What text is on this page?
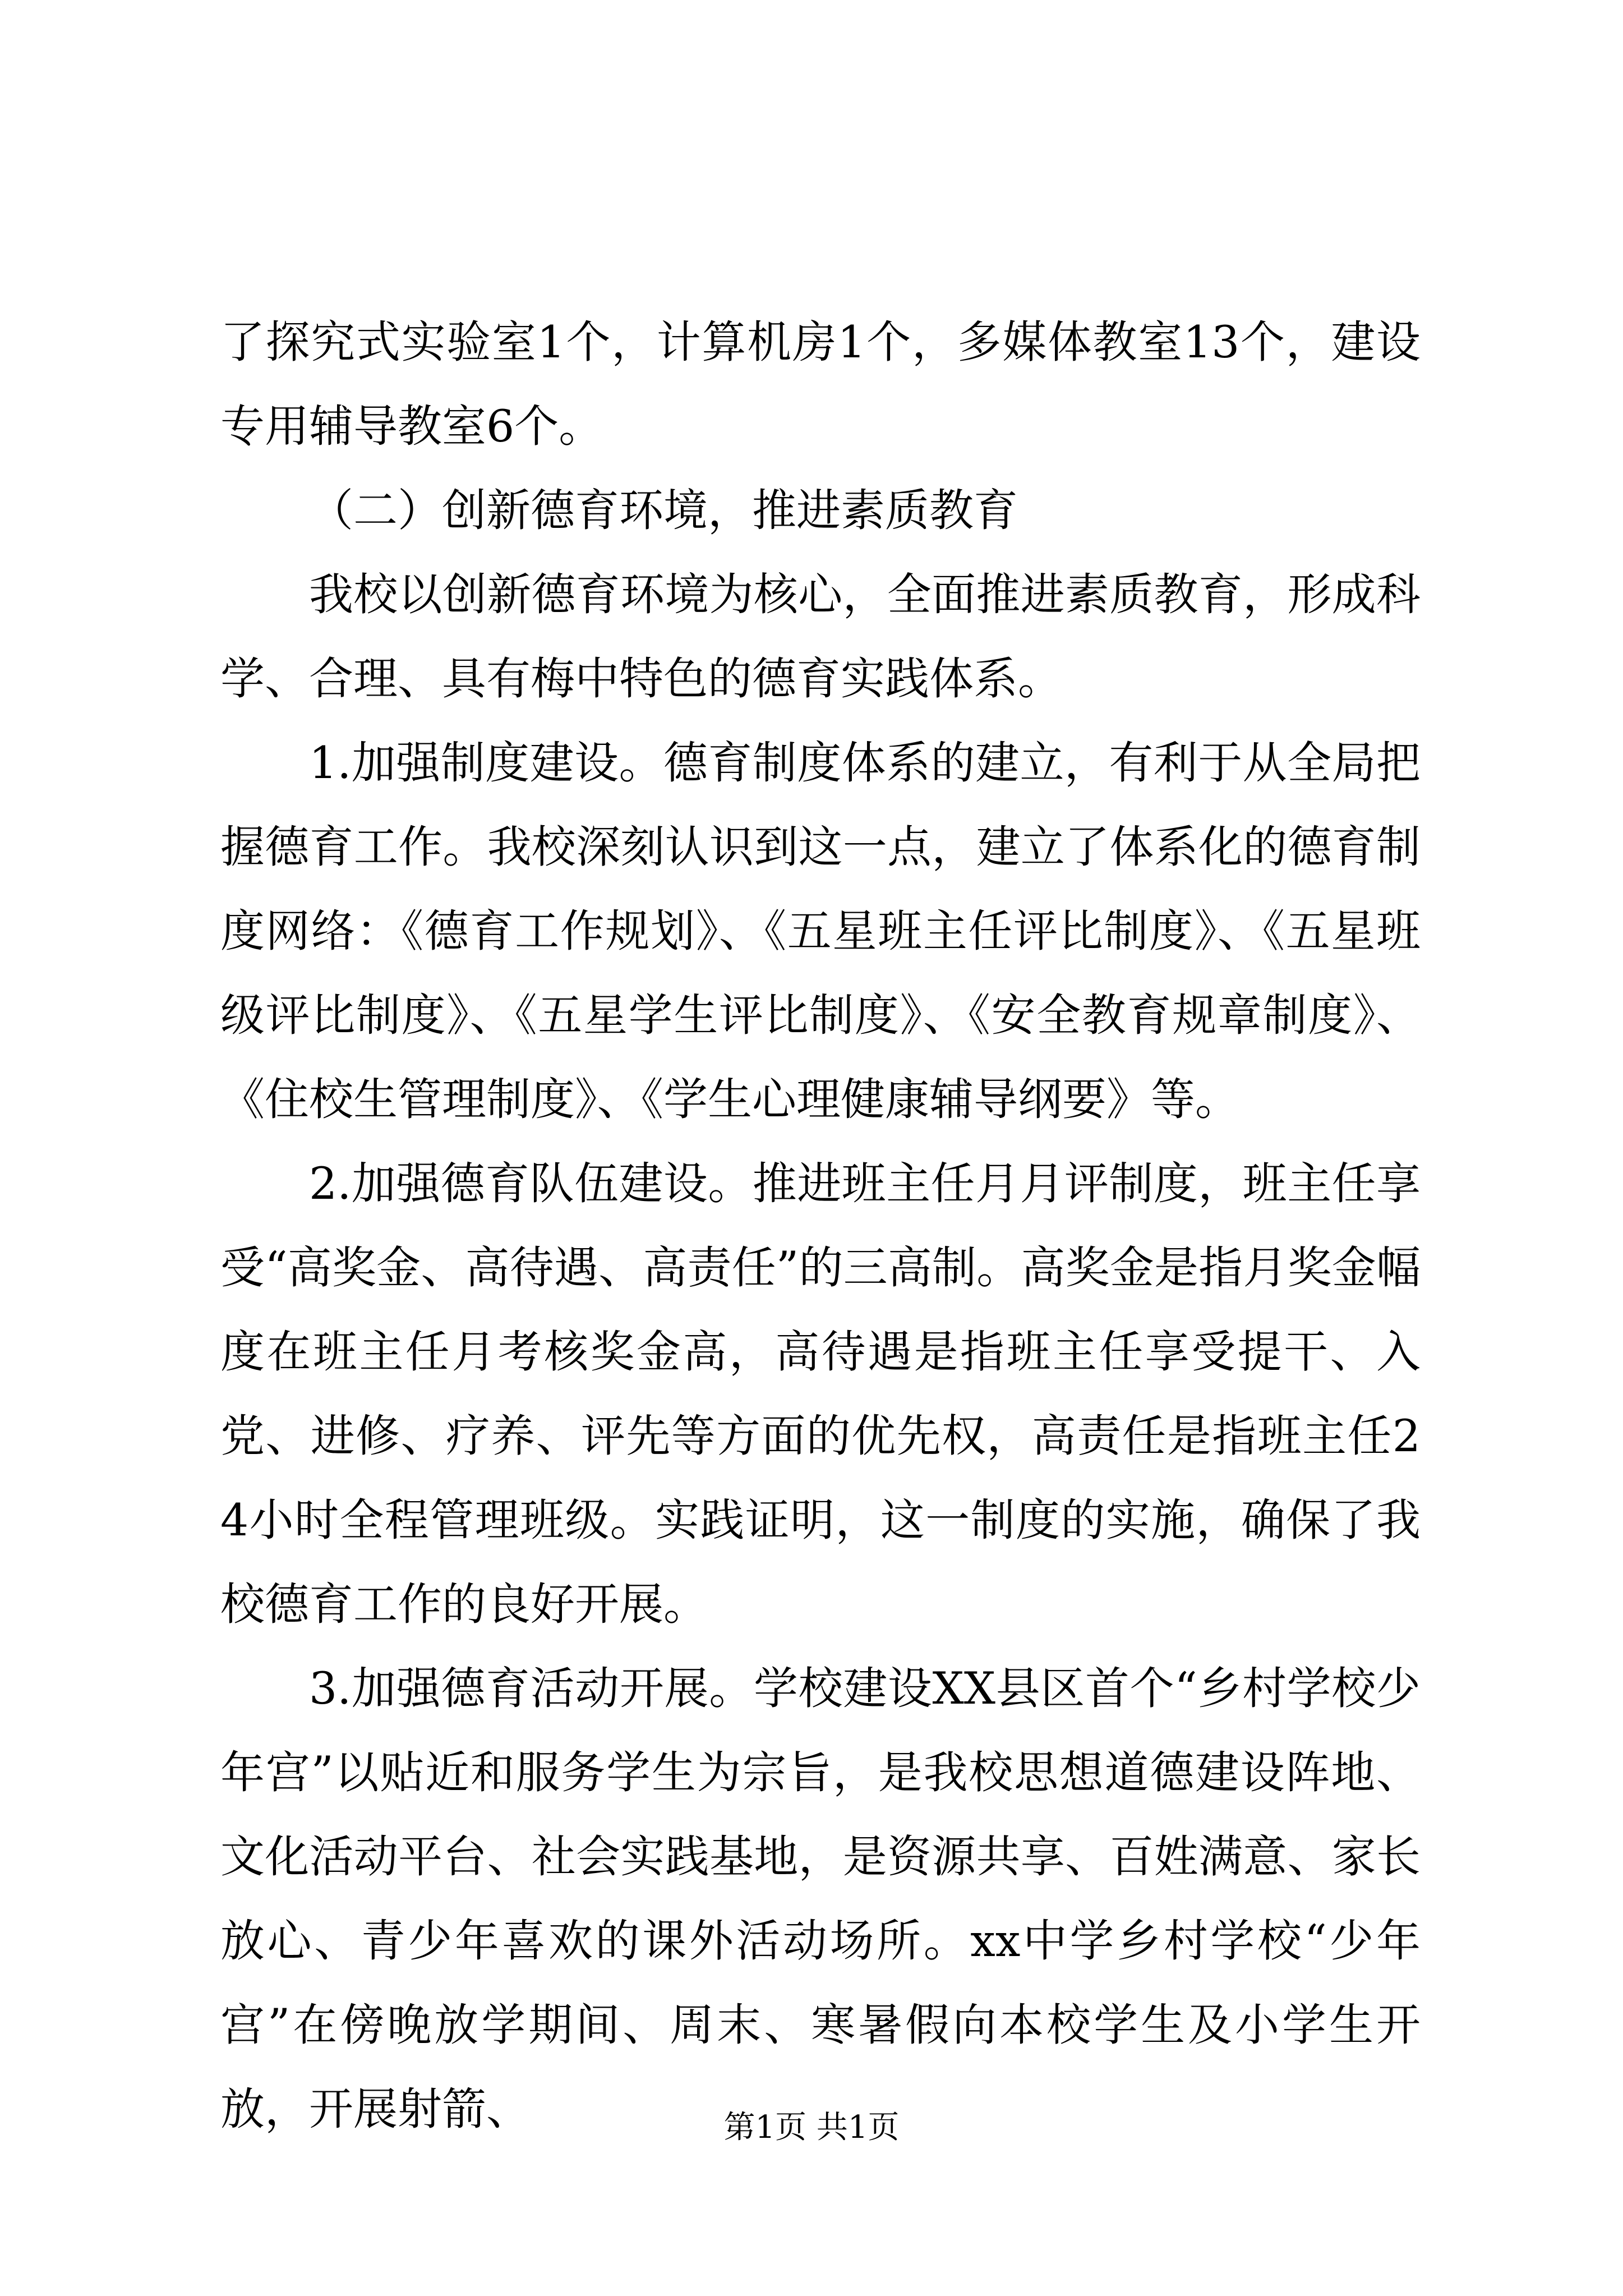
了探究式实验室1个，计算机房1个，多媒体教室13个，建设专用辅导教室6个。

（二）创新德育环境，推进素质教育

我校以创新德育环境为核心，全面推进素质教育，形成科学、合理、具有梅中特色的德育实践体系。

1.加强制度建设。德育制度体系的建立，有利于从全局把握德育工作。我校深刻认识到这一点，建立了体系化的德育制度网络：《德育工作规划》、《五星班主任评比制度》、《五星班级评比制度》、《五星学生评比制度》、《安全教育规章制度》、《住校生管理制度》、《学生心理健康辅导纲要》等。

2.加强德育队伍建设。推进班主任月月评制度，班主任享受“高奖金、高待遇、高责任”的三高制。高奖金是指月奖金幅度在班主任月考核奖金高，高待遇是指班主任享受提干、入党、进修、疗养、评先等方面的优先权，高责任是指班主任24小时全程管理班级。实践证明，这一制度的实施，确保了我校德育工作的良好开展。

3.加强德育活动开展。学校建设XX县区首个“乡村学校少年宫”以贴近和服务学生为宗旨，是我校思想道德建设阵地、文化活动平台、社会实践基地，是资源共享、百姓满意、家长放心、青少年喜欢的课外活动场所。xx中学乡村学校“少年宫”在傍晚放学期间、周末、寒暑假向本校学生及小学生开放，开展射箭、	第1页 共1页
